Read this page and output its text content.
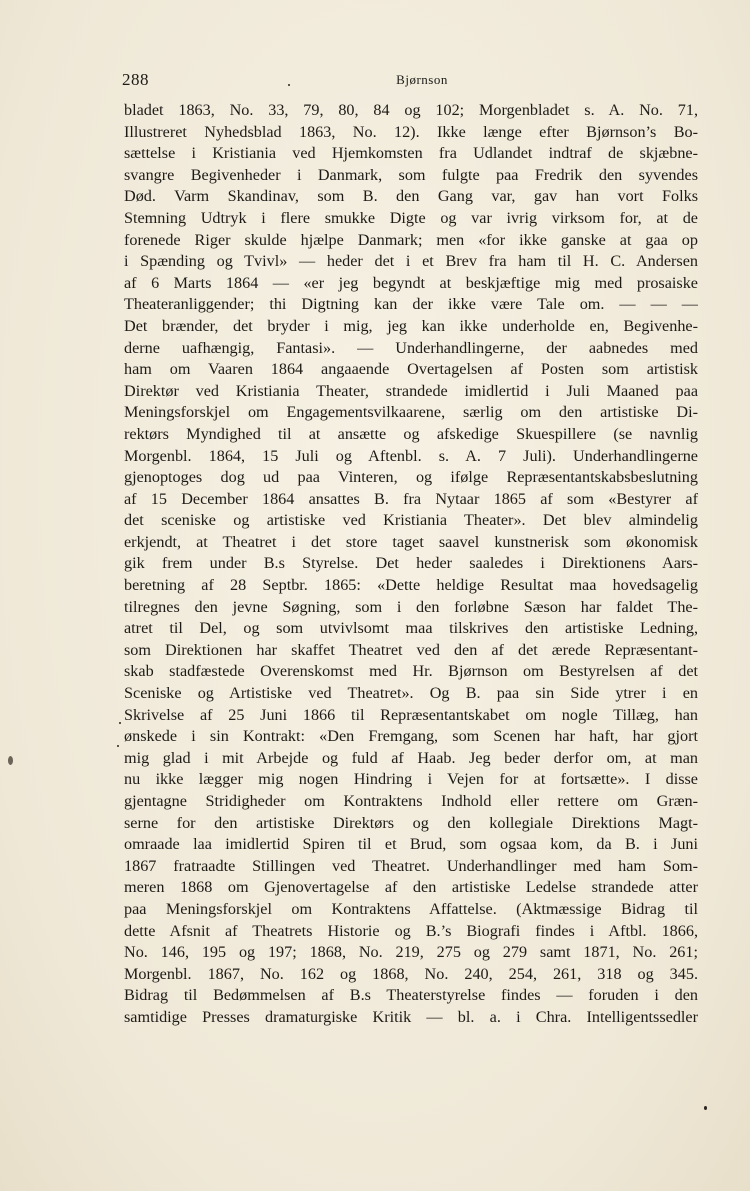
288	Bjørnson
bladet 1863, No. 33, 79, 80, 84 og 102; Morgenbladet s. A. No. 71,
Illustreret Nyhedsblad 1863, No. 12). Ikke længe efter Bjørnson’s Bo-
sættelse i Kristiania ved Hjemkomsten fra Udlandet indtraf de skjæbne-
svangre Begivenheder i Danmark, som fulgte paa Fredrik den syvendes
Død. Varm Skandinav, som B. den Gang var, gav han vort Folks
Stemning Udtryk i flere smukke Digte og var ivrig virksom for, at de
forenede Riger skulde hjælpe Danmark; men «for ikke ganske at gaa op
i Spænding og Tvivl» — heder det i et Brev fra ham til H. C. Andersen
af 6 Marts 1864 — «er jeg begyndt at beskjæftige mig med prosaiske
Theateranliggender; thi Digtning kan der ikke være Tale om. — — —
Det brænder, det bryder i mig, jeg kan ikke underholde en, Begivenhe-
derne uafhængig, Fantasi». — Underhandlingerne, der aabnedes med
ham om Vaaren 1864 angaaende Overtagelsen af Posten som artistisk
Direktør ved Kristiania Theater, strandede imidlertid i Juli Maaned paa
Meningsforskjel om Engagementsvilkaarene, særlig om den artistiske Di-
rektørs Myndighed til at ansætte og afskedige Skuespillere (se navnlig
Morgenbl. 1864, 15 Juli og Aftenbl. s. A. 7 Juli). Underhandlingerne
gjenoptoges dog ud paa Vinteren, og ifølge Repræsentantskabsbeslutning
af 15 December 1864 ansattes B. fra Nytaar 1865 af som «Bestyrer af
det sceniske og artistiske ved Kristiania Theater». Det blev almindelig
erkjendt, at Theatret i det store taget saavel kunstnerisk som økonomisk
gik frem under B.s Styrelse. Det heder saaledes i Direktionens Aars-
beretning af 28 Septbr. 1865: «Dette heldige Resultat maa hovedsagelig
tilregnes den jevne Søgning, som i den forløbne Sæson har faldet The-
atret til Del, og som utvivlsomt maa tilskrives den artistiske Ledning,
som Direktionen har skaffet Theatret ved den af det ærede Repræsentant-
skab stadfæstede Overenskomst med Hr. Bjørnson om Bestyrelsen af det
Sceniske og Artistiske ved Theatret». Og B. paa sin Side ytrer i en
Skrivelse af 25 Juni 1866 til Repræsentantskabet om nogle Tillæg, han
ønskede i sin Kontrakt: «Den Fremgang, som Scenen har haft, har gjort
mig glad i mit Arbejde og fuld af Haab. Jeg beder derfor om, at man
nu ikke lægger mig nogen Hindring i Vejen for at fortsætte». I disse
gjentagne Stridigheder om Kontraktens Indhold eller rettere om Græn-
serne for den artistiske Direktørs og den kollegiale Direktions Magt-
omraade laa imidlertid Spiren til et Brud, som ogsaa kom, da B. i Juni
1867 fratraadte Stillingen ved Theatret. Underhandlinger med ham Som-
meren 1868 om Gjenovertagelse af den artistiske Ledelse strandede atter
paa Meningsforskjel om Kontraktens Affattelse. (Aktmæssige Bidrag til
dette Afsnit af Theatrets Historie og B.’s Biografi findes i Aftbl. 1866,
No. 146, 195 og 197; 1868, No. 219, 275 og 279 samt 1871, No. 261;
Morgenbl. 1867, No. 162 og 1868, No. 240, 254, 261, 318 og 345.
Bidrag til Bedømmelsen af B.s Theaterstyrelse findes — foruden i den
samtidige Presses dramaturgiske Kritik — bl. a. i Chra. Intelligentssedler
